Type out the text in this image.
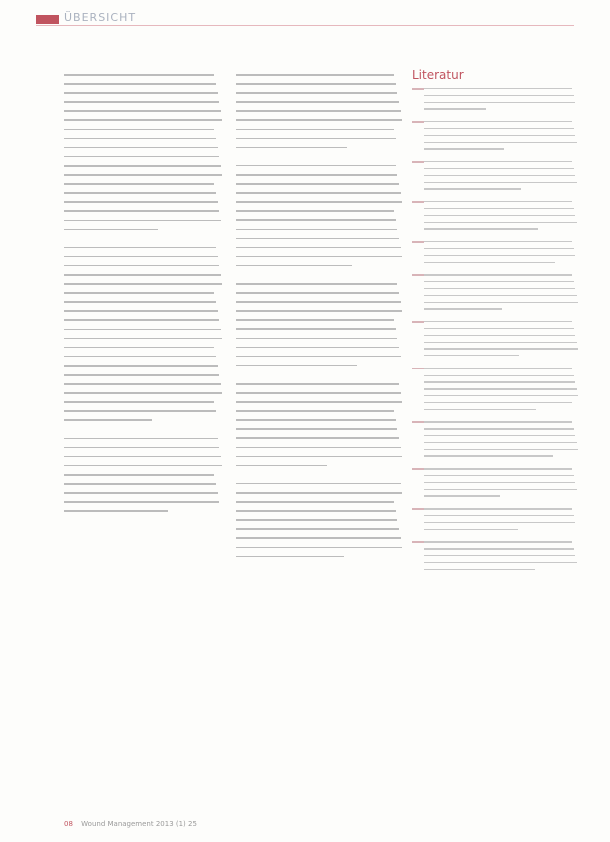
ÜBERSICHT
Literatur
08 Wound Management 2013 (1) 25
